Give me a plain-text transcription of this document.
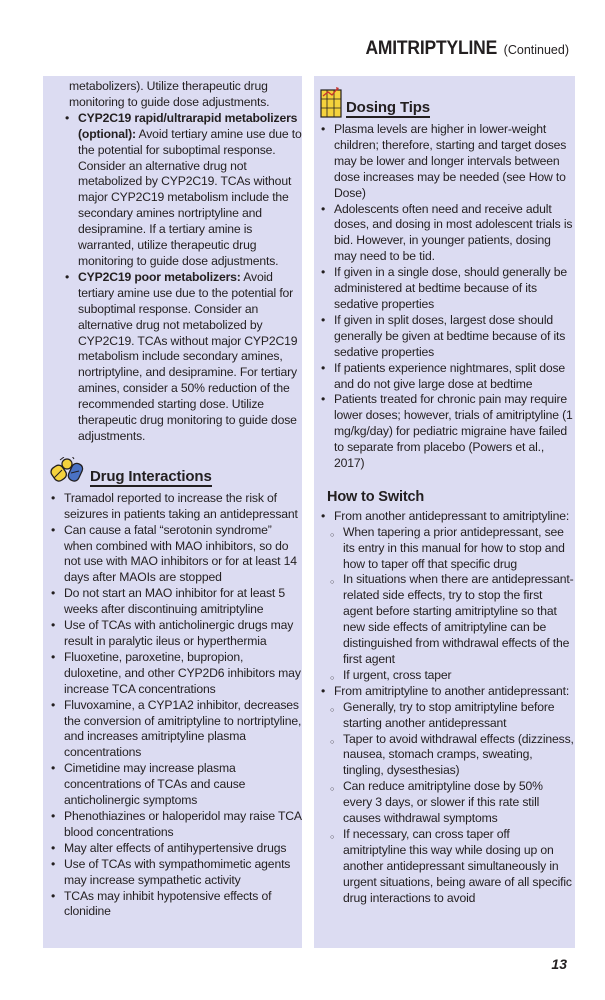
AMITRIPTYLINE (Continued)
metabolizers). Utilize therapeutic drug monitoring to guide dose adjustments.
• CYP2C19 rapid/ultrarapid metabolizers (optional): Avoid tertiary amine use due to the potential for suboptimal response. Consider an alternative drug not metabolized by CYP2C19. TCAs without major CYP2C19 metabolism include the secondary amines nortriptyline and desipramine. If a tertiary amine is warranted, utilize therapeutic drug monitoring to guide dose adjustments.
• CYP2C19 poor metabolizers: Avoid tertiary amine use due to the potential for suboptimal response. Consider an alternative drug not metabolized by CYP2C19. TCAs without major CYP2C19 metabolism include secondary amines, nortriptyline, and desipramine. For tertiary amines, consider a 50% reduction of the recommended starting dose. Utilize therapeutic drug monitoring to guide dose adjustments.
Drug Interactions
• Tramadol reported to increase the risk of seizures in patients taking an antidepressant
• Can cause a fatal “serotonin syndrome” when combined with MAO inhibitors, so do not use with MAO inhibitors or for at least 14 days after MAOIs are stopped
• Do not start an MAO inhibitor for at least 5 weeks after discontinuing amitriptyline
• Use of TCAs with anticholinergic drugs may result in paralytic ileus or hyperthermia
• Fluoxetine, paroxetine, bupropion, duloxetine, and other CYP2D6 inhibitors may increase TCA concentrations
• Fluvoxamine, a CYP1A2 inhibitor, decreases the conversion of amitriptyline to nortriptyline, and increases amitriptyline plasma concentrations
• Cimetidine may increase plasma concentrations of TCAs and cause anticholinergic symptoms
• Phenothiazines or haloperidol may raise TCA blood concentrations
• May alter effects of antihypertensive drugs
• Use of TCAs with sympathomimetic agents may increase sympathetic activity
• TCAs may inhibit hypotensive effects of clonidine
Dosing Tips
• Plasma levels are higher in lower-weight children; therefore, starting and target doses may be lower and longer intervals between dose increases may be needed (see How to Dose)
• Adolescents often need and receive adult doses, and dosing in most adolescent trials is bid. However, in younger patients, dosing may need to be tid.
• If given in a single dose, should generally be administered at bedtime because of its sedative properties
• If given in split doses, largest dose should generally be given at bedtime because of its sedative properties
• If patients experience nightmares, split dose and do not give large dose at bedtime
• Patients treated for chronic pain may require lower doses; however, trials of amitriptyline (1 mg/kg/day) for pediatric migraine have failed to separate from placebo (Powers et al., 2017)
How to Switch
• From another antidepressant to amitriptyline:
○ When tapering a prior antidepressant, see its entry in this manual for how to stop and how to taper off that specific drug
○ In situations when there are antidepressant-related side effects, try to stop the first agent before starting amitriptyline so that new side effects of amitriptyline can be distinguished from withdrawal effects of the first agent
○ If urgent, cross taper
• From amitriptyline to another antidepressant:
○ Generally, try to stop amitriptyline before starting another antidepressant
○ Taper to avoid withdrawal effects (dizziness, nausea, stomach cramps, sweating, tingling, dysesthesias)
○ Can reduce amitriptyline dose by 50% every 3 days, or slower if this rate still causes withdrawal symptoms
○ If necessary, can cross taper off amitriptyline this way while dosing up on another antidepressant simultaneously in urgent situations, being aware of all specific drug interactions to avoid
13
